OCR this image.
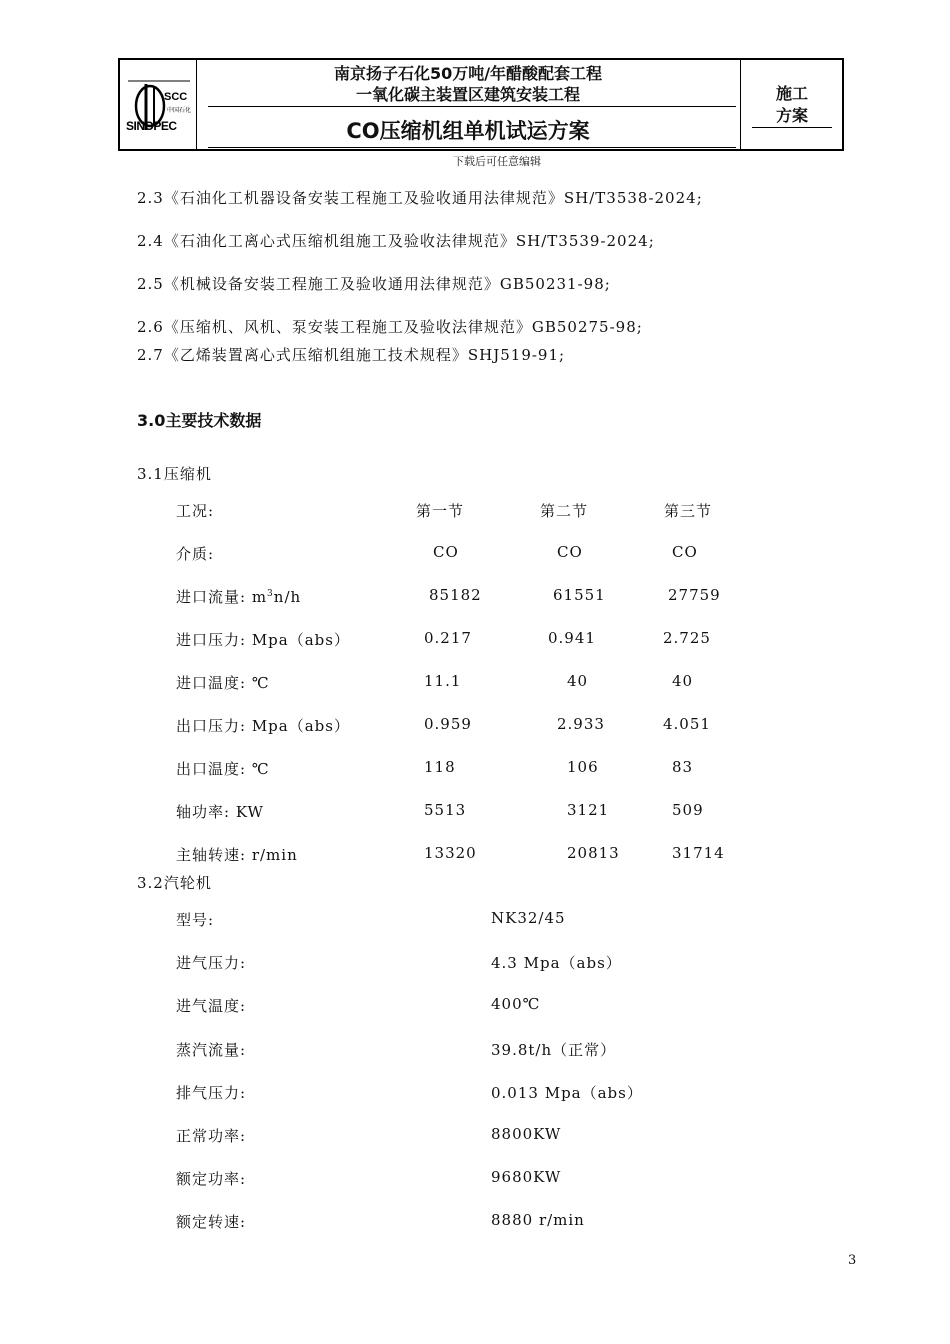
SCC
中国石化
SINOPEC
南京扬子石化50万吨/年醋酸配套工程
一氧化碳主装置区建筑安装工程
CO压缩机组单机试运方案
施工
方案
下载后可任意编辑
2.3《石油化工机器设备安装工程施工及验收通用法律规范》SH/T3538-2024;
2.4《石油化工离心式压缩机组施工及验收法律规范》SH/T3539-2024;
2.5《机械设备安装工程施工及验收通用法律规范》GB50231-98;
2.6《压缩机、风机、泵安装工程施工及验收法律规范》GB50275-98;
2.7《乙烯装置离心式压缩机组施工技术规程》SHJ519-91;
3.0主要技术数据
3.1压缩机
工况:	第一节	第二节	第三节
介质:	CO	CO	CO
进口流量: $m^3n/h$	85182	61551	27759
进口压力: Mpa（abs）	0.217	0.941	2.725
进口温度: ℃	11.1	40	40
出口压力: Mpa（abs）	0.959	2.933	4.051
出口温度: ℃	118	106	83
轴功率: KW	5513	3121	509
主轴转速: r/min	13320	20813	31714
3.2汽轮机
型号:	NK32/45
进气压力:	4.3 Mpa（abs）
进气温度:	400℃
蒸汽流量:	39.8t/h（正常）
排气压力:	0.013 Mpa（abs）
正常功率:	8800KW
额定功率:	9680KW
额定转速:	8880 r/min
3
